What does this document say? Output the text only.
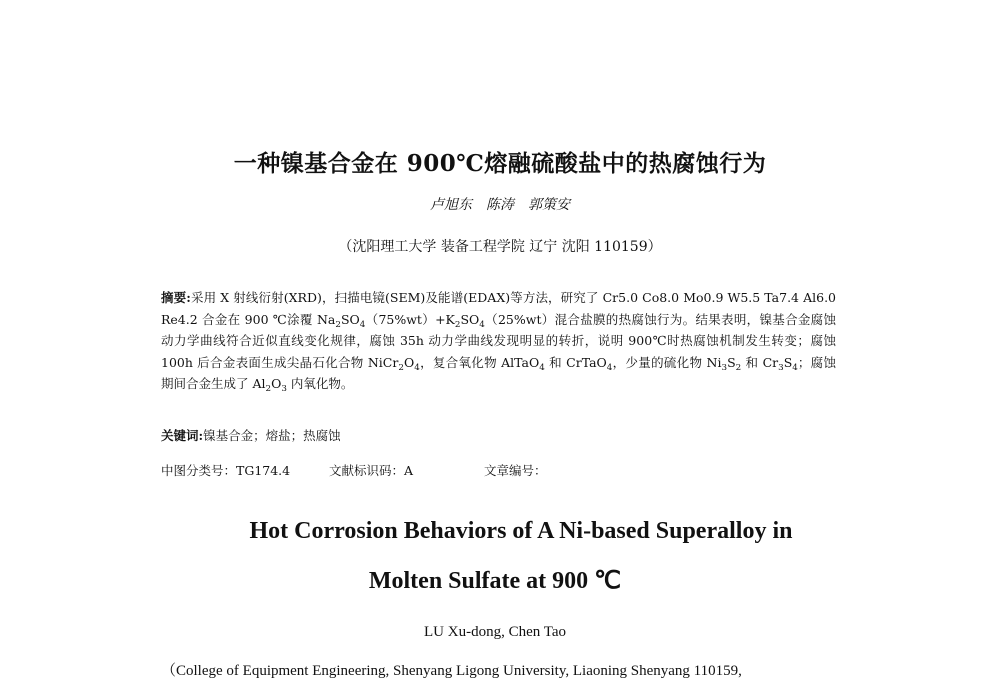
一种镍基合金在 900℃熔融硫酸盐中的热腐蚀行为
卢旭东　陈涛　郭策安
（沈阳理工大学 装备工程学院 辽宁 沈阳 110159）
摘要:采用 X 射线衍射(XRD)，扫描电镜(SEM)及能谱(EDAX)等方法，研究了 Cr5.0 Co8.0 Mo0.9 W5.5 Ta7.4 Al6.0 Re4.2 合金在 900 ℃涂覆 $Na_2SO_4(75\%wt)+K_2SO_4(25\%wt)$混合盐膜的热腐蚀行为。结果表明，镍基合金腐蚀动力学曲线符合近似直线变化规律，腐蚀 35h 动力学曲线发现明显的转折，说明 900℃时热腐蚀机制发生转变；腐蚀 100h 后合金表面生成尖晶石化合物 $NiCr_2O_4$，复合氧化物 AlTaO$_4$ 和 CrTaO$_4$，少量的硫化物 $Ni_3S_2$ 和 $Cr_3S_4$；腐蚀期间合金生成了 $Al_2O_3$ 内氧化物。
关键词:镍基合金；熔盐；热腐蚀
中图分类号：TG174.4	文献标识码：A	文章编号：
Hot Corrosion Behaviors of A Ni-based Superalloy in
Molten Sulfate at 900 ℃
LU Xu-dong, Chen Tao
（College of Equipment Engineering, Shenyang Ligong University, Liaoning Shenyang 110159,
